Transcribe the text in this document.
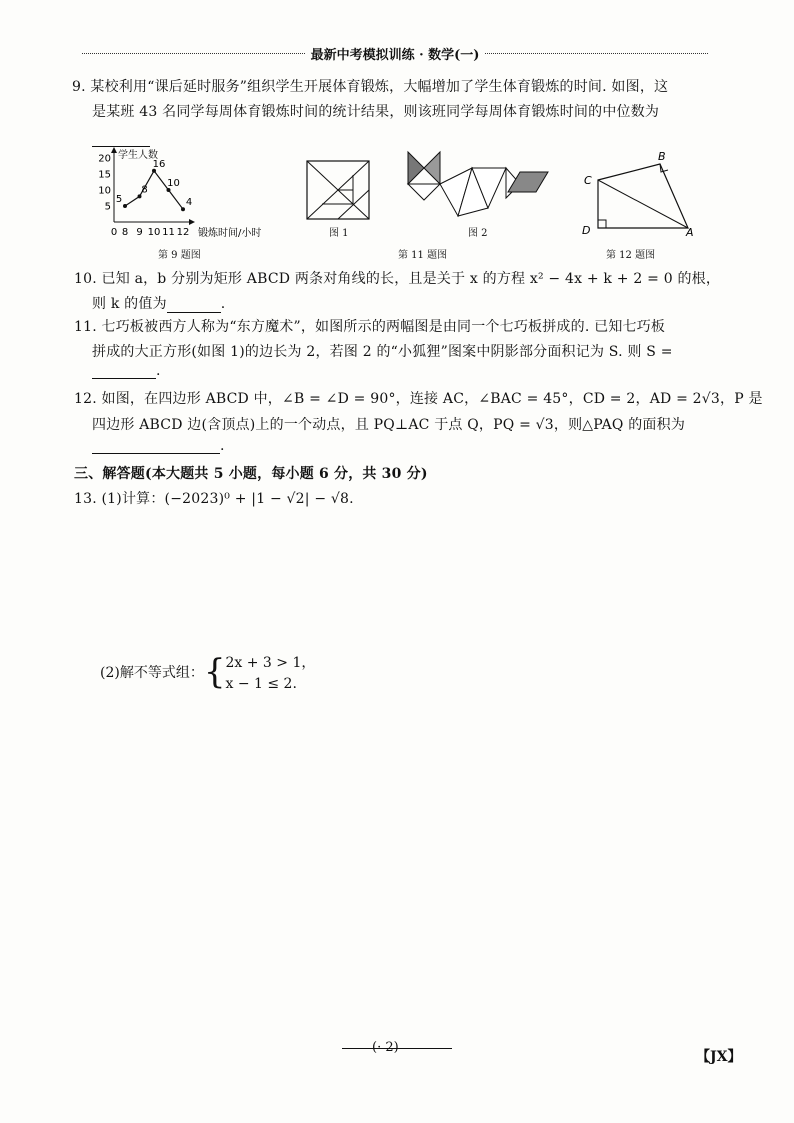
最新中考模拟训练 · 数学(一)
9. 某校利用“课后延时服务”组织学生开展体育锻炼，大幅增加了学生体育锻炼的时间. 如图，这
是某班 43 名同学每周体育锻炼时间的统计结果，则该班同学每周体育锻炼时间的中位数为
学生人数
锻炼时间/小时
20
15
10
5
0 8 9 10 11 12
5
8
16
10
4
第 9 题图
图 1	图 2
第 11 题图
B
C
D	A
第 12 题图
10. 已知 a，b 分别为矩形 ABCD 两条对角线的长，且是关于 x 的方程 x² − 4x + k + 2 = 0 的根，
则 k 的值为	.
11. 七巧板被西方人称为“东方魔术”，如图所示的两幅图是由同一个七巧板拼成的. 已知七巧板
拼成的大正方形(如图 1)的边长为 2，若图 2 的“小狐狸”图案中阴影部分面积记为 S. 则 S =
.
12. 如图，在四边形 ABCD 中，∠B = ∠D = 90°，连接 AC，∠BAC = 45°，CD = 2，AD = 2√3，P 是
四边形 ABCD 边(含顶点)上的一个动点，且 PQ⊥AC 于点 Q，PQ = √3，则△PAQ 的面积为
.
三、解答题(本大题共 5 小题，每小题 6 分，共 30 分)
13. (1)计算：(−2023)⁰ + |1 − √2| − √8.
(2)解不等式组： { 2x + 3 > 1，
x − 1 ≤ 2.
(· 2)
【JX】
